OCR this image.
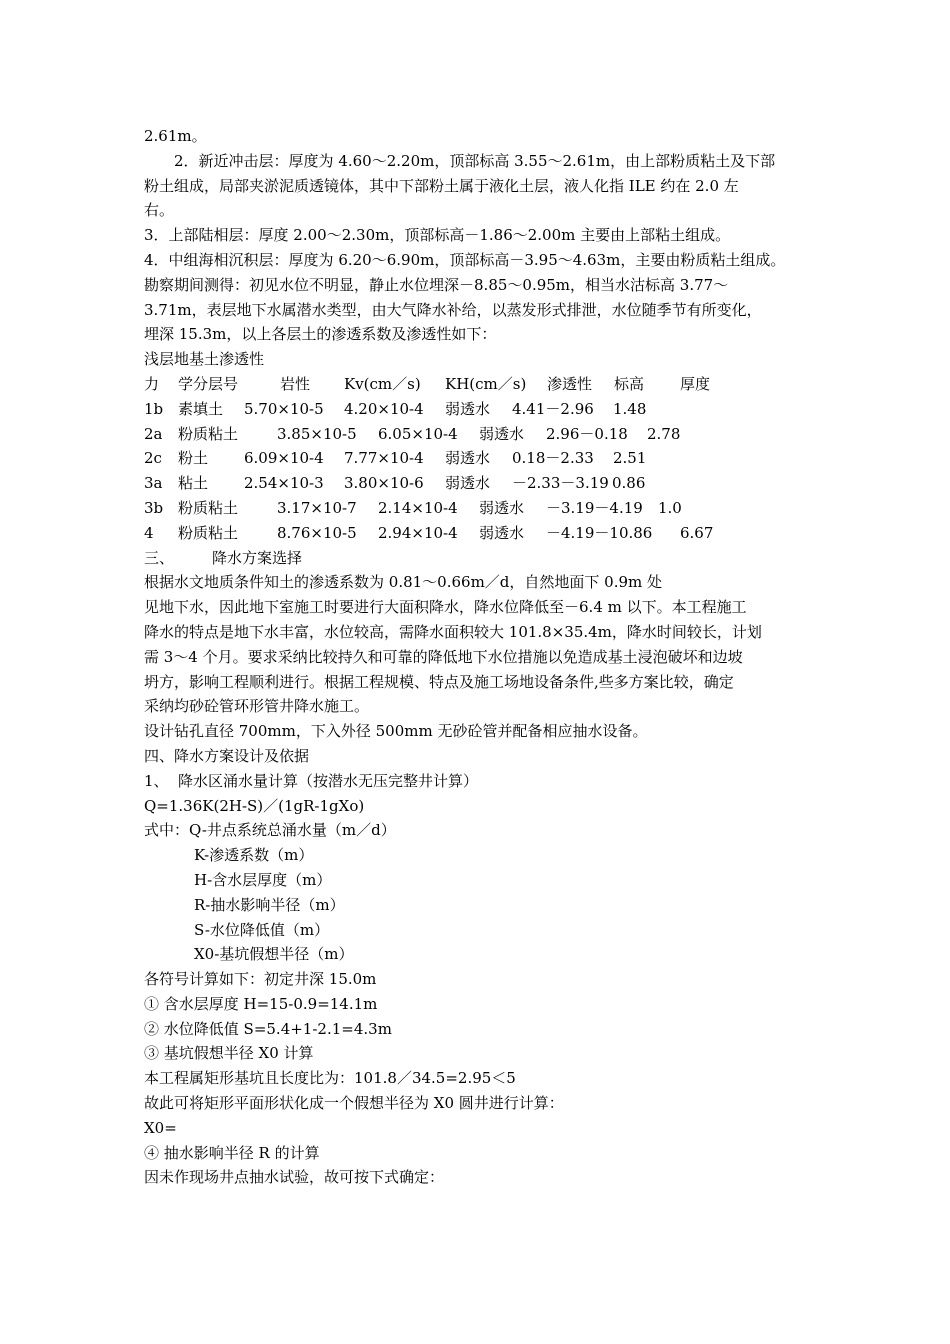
2.61m。
2．新近冲击层：厚度为 4.60～2.20m，顶部标高 3.55～2.61m，由上部粉质粘土及下部
粉土组成，局部夹淤泥质透镜体，其中下部粉土属于液化土层，液人化指 ILE 约在 2.0 左
右。
3．上部陆相层：厚度 2.00～2.30m，顶部标高－1.86～2.00m 主要由上部粘土组成。
4．中组海相沉积层：厚度为 6.20～6.90m，顶部标高－3.95～4.63m，主要由粉质粘土组成。
勘察期间测得：初见水位不明显，静止水位埋深－8.85～0.95m，相当水沽标高 3.77～
3.71m，表层地下水属潜水类型，由大气降水补给，以蒸发形式排泄，水位随季节有所变化，
埋深 15.3m，以上各层土的渗透系数及渗透性如下：
浅层地基土渗透性
力 学分层号	岩性 Kv(cm／s) KH(cm／s) 渗透性 标高 厚度
1b 素填土 5.70×10-5 4.20×10-4 弱透水 4.41－2.96 1.48
2a 粉质粘土	3.85×10-5 6.05×10-4 弱透水 2.96－0.18 2.78
2c 粉土 6.09×10-4 7.77×10-4 弱透水 0.18－2.33 2.51
3a 粘土 2.54×10-3 3.80×10-6 弱透水 －2.33－3.19 0.86
3b 粉质粘土	3.17×10-7 2.14×10-4 弱透水 －3.19－4.19 1.0
4 粉质粘土	8.76×10-5 2.94×10-4 弱透水 －4.19－10.86 6.67
三、	降水方案选择
根据水文地质条件知土的渗透系数为 0.81～0.66m／d，自然地面下 0.9m 处
见地下水，因此地下室施工时要进行大面积降水，降水位降低至－6.4 m 以下。本工程施工
降水的特点是地下水丰富，水位较高，需降水面积较大 101.8×35.4m，降水时间较长，计划
需 3～4 个月。要求采纳比较持久和可靠的降低地下水位措施以免造成基土浸泡破坏和边坡
坍方，影响工程顺利进行。根据工程规模、特点及施工场地设备条件,些多方案比较，确定
采纳均砂砼管环形管井降水施工。
设计钻孔直径 700mm，下入外径 500mm 无砂砼管并配备相应抽水设备。
四、降水方案设计及依据
1、 降水区涌水量计算（按潜水无压完整井计算）
Q=1.36K(2H-S)／(1gR-1gXo)
式中：Q-井点系统总涌水量（m／d）
K-渗透系数（m）
H-含水层厚度（m）
R-抽水影响半径（m）
S-水位降低值（m）
X0-基坑假想半径（m）
各符号计算如下：初定井深 15.0m
① 含水层厚度 H=15-0.9=14.1m
② 水位降低值 S=5.4+1-2.1=4.3m
③ 基坑假想半径 X0 计算
本工程属矩形基坑且长度比为：101.8／34.5=2.95＜5
故此可将矩形平面形状化成一个假想半径为 X0 圆井进行计算：
X0=
④ 抽水影响半径 R 的计算
因未作现场井点抽水试验，故可按下式确定：
